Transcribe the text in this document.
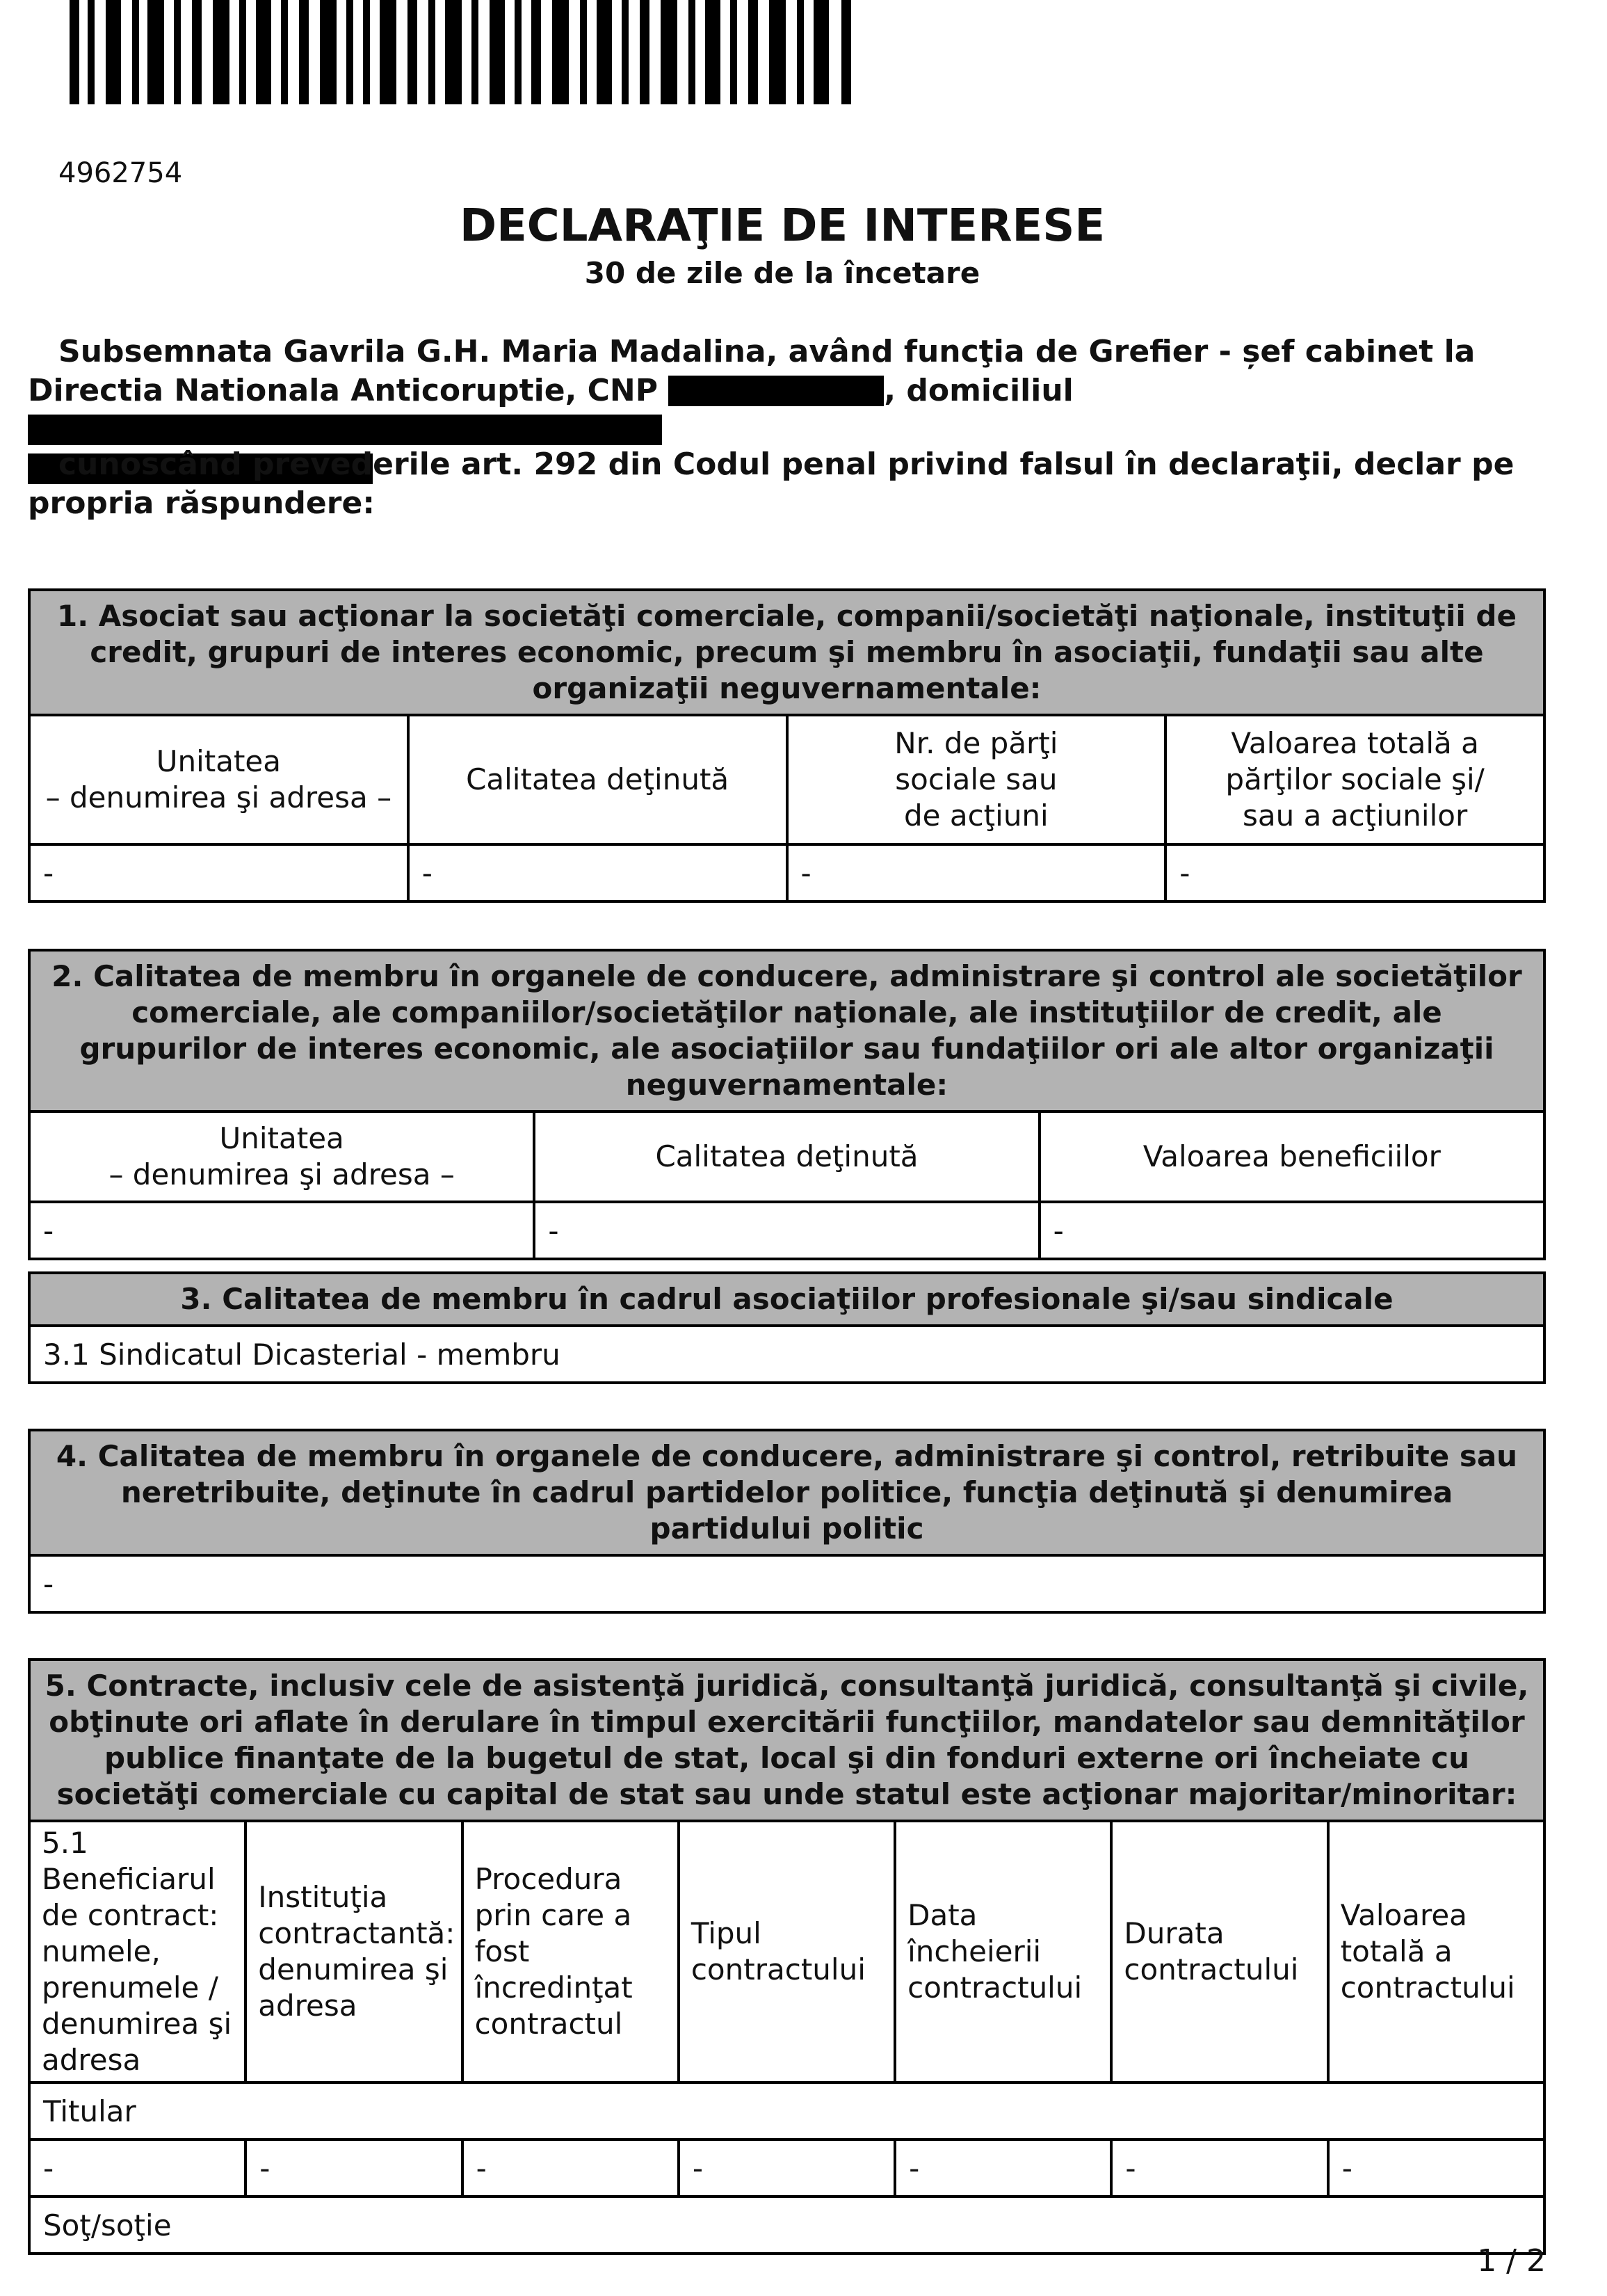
4962754
DECLARAŢIE DE INTERESE
30 de zile de la încetare

Subsemnata Gavrila G.H. Maria Madalina, având funcţia de Grefier - șef cabinet la Directia Nationala Anticoruptie, CNP	, domiciliul

cunoscând prevederile art. 292 din Codul penal privind falsul în declaraţii, declar pe propria răspundere:
1. Asociat sau acţionar la societăţi comerciale, companii/societăţi naţionale, instituţii de credit, grupuri de interes economic, precum şi membru în asociaţii, fundaţii sau alte organizaţii neguvernamentale:			
Unitatea
– denumirea şi adresa –	Calitatea deţinută	Nr. de părţi
sociale sau
de acţiuni	Valoarea totală a
părţilor sociale şi/
sau a acţiunilor
-	-	-	-
2. Calitatea de membru în organele de conducere, administrare şi control ale societăţilor comerciale, ale companiilor/societăţilor naţionale, ale instituţiilor de credit, ale grupurilor de interes economic, ale asociaţiilor sau fundaţiilor ori ale altor organizaţii neguvernamentale:		
Unitatea
– denumirea şi adresa –	Calitatea deţinută	Valoarea beneficiilor
-	-	-
3. Calitatea de membru în cadrul asociaţiilor profesionale şi/sau sindicale
3.1 Sindicatul Dicasterial - membru
4. Calitatea de membru în organele de conducere, administrare şi control, retribuite sau neretribuite, deţinute în cadrul partidelor politice, funcţia deţinută şi denumirea partidului politic
-
5. Contracte, inclusiv cele de asistenţă juridică, consultanţă juridică, consultanţă şi civile, obţinute ori aflate în derulare în timpul exercitării funcţiilor, mandatelor sau demnităţilor publice finanţate de la bugetul de stat, local şi din fonduri externe ori încheiate cu societăţi comerciale cu capital de stat sau unde statul este acţionar majoritar/minoritar:						
5.1 Beneficiarul de contract: numele, prenumele / denumirea şi adresa	Instituţia contractantă: denumirea şi adresa	Procedura prin care a fost încredinţat contractul	Tipul contractului	Data încheierii contractului	Durata contractului	Valoarea totală a contractului
Titular						
-	-	-	-	-	-	-
Soţ/soţie						
1 / 2
